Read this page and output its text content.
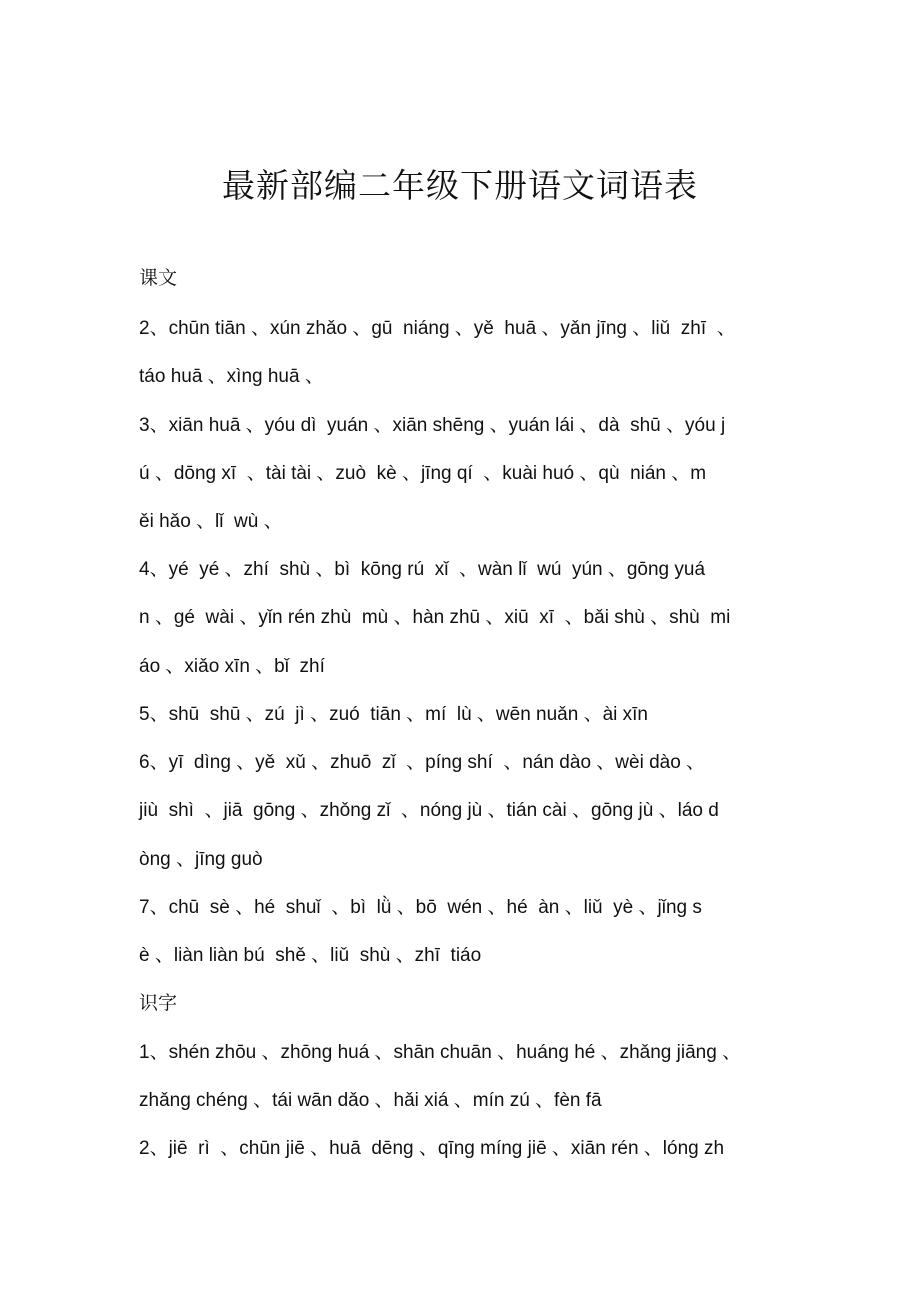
最新部编二年级下册语文词语表
课文
2、chūn tiān 、xún zhǎo 、gū  niáng 、yě  huā 、yǎn jīng 、liǔ  zhī  、
táo huā 、xìng huā 、
3、xiān huā 、yóu dì  yuán 、xiān shēng 、yuán lái 、dà  shū 、yóu j
ú 、dōng xī  、tài tài 、zuò  kè 、jīng qí  、kuài huó 、qù  nián 、m
ěi hǎo 、lǐ  wù 、
4、yé  yé 、zhí  shù 、bì  kōng rú  xǐ  、wàn lǐ  wú  yún 、gōng yuá
n 、gé  wài 、yǐn rén zhù  mù 、hàn zhū 、xiū  xī  、bǎi shù 、shù  mi
áo 、xiǎo xīn 、bǐ  zhí
5、shū  shū 、zú  jì 、zuó  tiān 、mí  lù 、wēn nuǎn 、ài xīn
6、yī  dìng 、yě  xǔ 、zhuō  zǐ  、píng shí  、nán dào 、wèi dào 、
jiù  shì  、jiā  gōng 、zhǒng zǐ  、nóng jù 、tián cài 、gōng jù 、láo d
òng 、jīng guò
7、chū  sè 、hé  shuǐ  、bì  lǜ 、bō  wén 、hé  àn 、liǔ  yè 、jǐng s
è 、liàn liàn bú  shě 、liǔ  shù 、zhī  tiáo
识字
1、shén zhōu 、zhōng huá 、shān chuān 、huáng hé 、zhǎng jiāng 、
zhǎng chéng 、tái wān dǎo 、hǎi xiá 、mín zú 、fèn fā
2、jiē  rì  、chūn jiē 、huā  dēng 、qīng míng jiē 、xiān rén 、lóng zh
